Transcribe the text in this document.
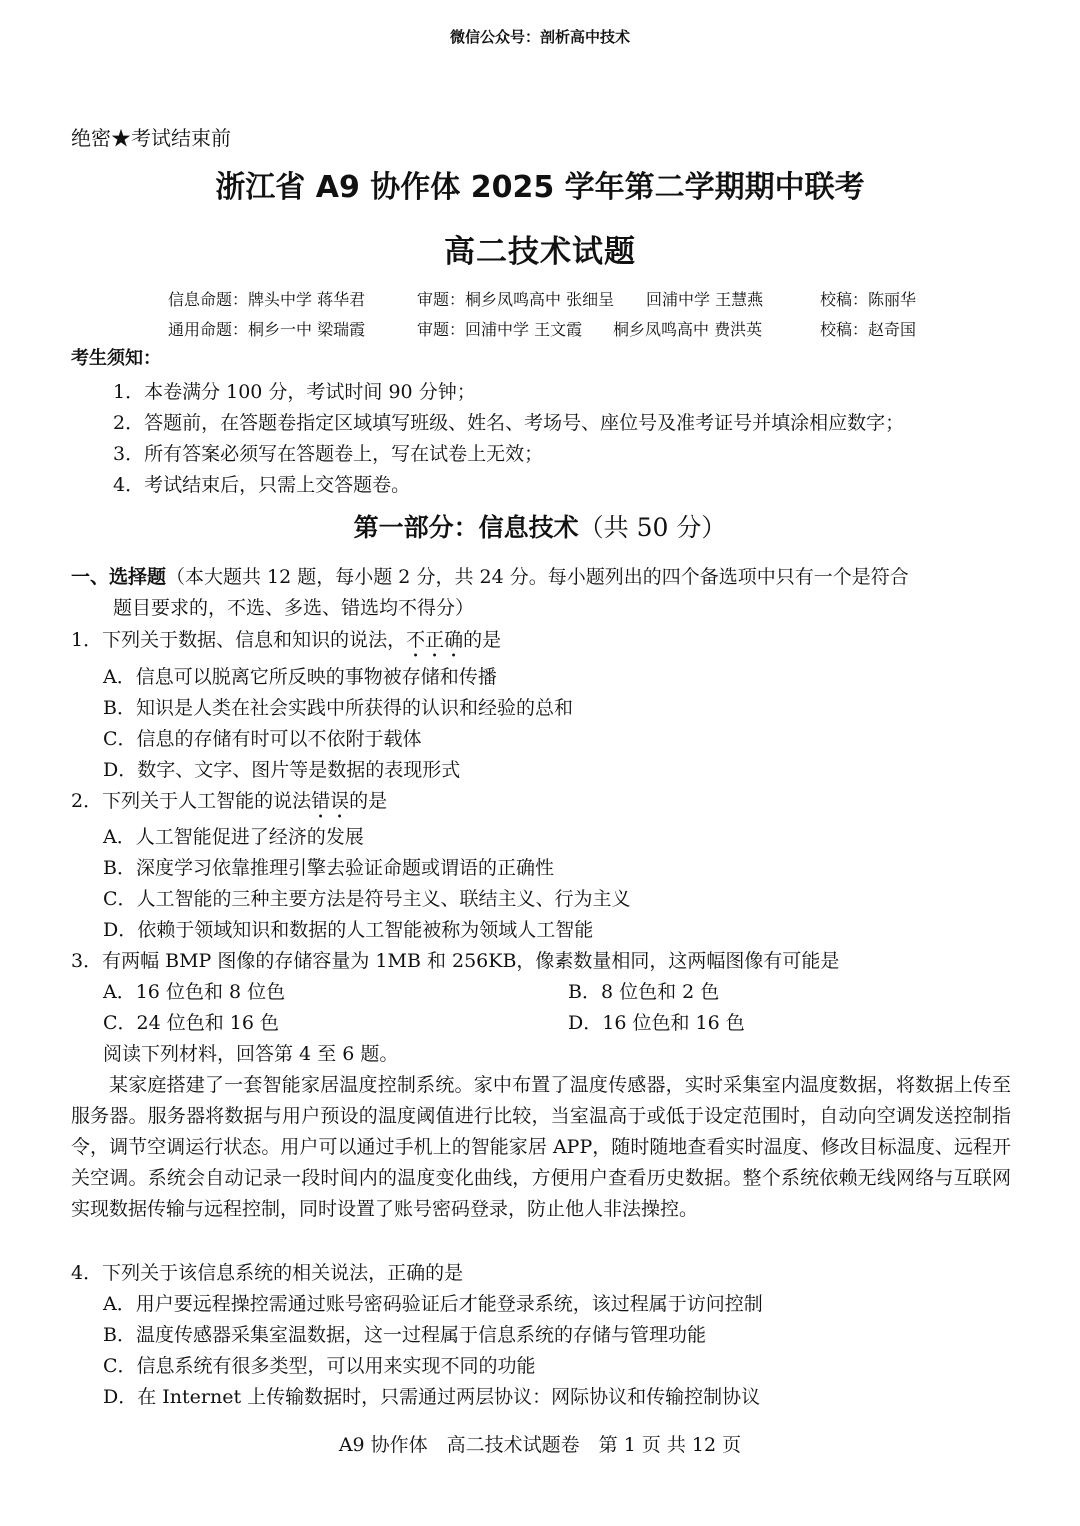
微信公众号：剖析高中技术
绝密★考试结束前
浙江省 A9 协作体 2025 学年第二学期期中联考
高二技术试题
信息命题：牌头中学 蒋华君	审题：桐乡凤鸣高中 张细呈 回浦中学 王慧燕	校稿：陈丽华
通用命题：桐乡一中 梁瑞霞	审题：回浦中学 王文霞 桐乡凤鸣高中 费洪英	校稿：赵奇国
考生须知：
1．本卷满分 100 分，考试时间 90 分钟；
2．答题前，在答题卷指定区域填写班级、姓名、考场号、座位号及准考证号并填涂相应数字；
3．所有答案必须写在答题卷上，写在试卷上无效；
4．考试结束后，只需上交答题卷。
第一部分：信息技术（共 50 分）
一、选择题（本大题共 12 题，每小题 2 分，共 24 分。每小题列出的四个备选项中只有一个是符合
题目要求的，不选、多选、错选均不得分）
1．下列关于数据、信息和知识的说法，不正确的是
A．信息可以脱离它所反映的事物被存储和传播
B．知识是人类在社会实践中所获得的认识和经验的总和
C．信息的存储有时可以不依附于载体
D．数字、文字、图片等是数据的表现形式
2．下列关于人工智能的说法错误的是
A．人工智能促进了经济的发展
B．深度学习依靠推理引擎去验证命题或谓语的正确性
C．人工智能的三种主要方法是符号主义、联结主义、行为主义
D．依赖于领域知识和数据的人工智能被称为领域人工智能
3．有两幅 BMP 图像的存储容量为 1MB 和 256KB，像素数量相同，这两幅图像有可能是
A．16 位色和 8 位色	B．8 位色和 2 色
C．24 位色和 16 色	D．16 位色和 16 色
阅读下列材料，回答第 4 至 6 题。

某家庭搭建了一套智能家居温度控制系统。家中布置了温度传感器，实时采集室内温度数据，将数据上传至服务器。服务器将数据与用户预设的温度阈值进行比较，当室温高于或低于设定范围时，自动向空调发送控制指令，调节空调运行状态。用户可以通过手机上的智能家居 APP，随时随地查看实时温度、修改目标温度、远程开关空调。系统会自动记录一段时间内的温度变化曲线，方便用户查看历史数据。整个系统依赖无线网络与互联网实现数据传输与远程控制，同时设置了账号密码登录，防止他人非法操控。

4．下列关于该信息系统的相关说法，正确的是
A．用户要远程操控需通过账号密码验证后才能登录系统，该过程属于访问控制
B．温度传感器采集室温数据，这一过程属于信息系统的存储与管理功能
C．信息系统有很多类型，可以用来实现不同的功能
D．在 Internet 上传输数据时，只需通过两层协议：网际协议和传输控制协议
A9 协作体　高二技术试题卷　第 1 页 共 12 页
